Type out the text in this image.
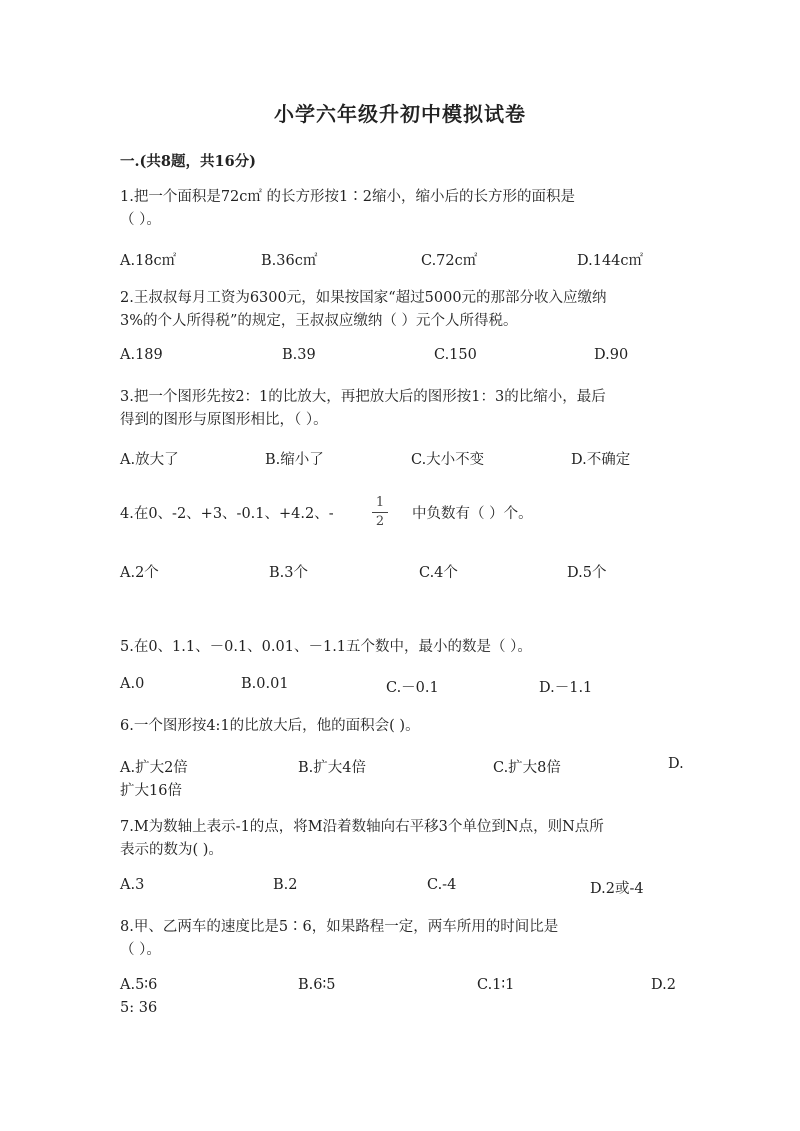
小学六年级升初中模拟试卷
一.(共8题，共16分)
1.把一个面积是72c㎡ 的长方形按1∶2缩小，缩小后的长方形的面积是
（ ）。
A.18c㎡	B.36c㎡	C.72c㎡	D.144c㎡
2.王叔叔每月工资为6300元，如果按国家“超过5000元的那部分收入应缴纳
3%的个人所得税”的规定，王叔叔应缴纳（ ）元个人所得税。
A.189	B.39	C.150	D.90
3.把一个图形先按2：1的比放大，再把放大后的图形按1：3的比缩小，最后
得到的图形与原图形相比，（ ）。
A.放大了	B.缩小了	C.大小不变	D.不确定
4.在0、-2、+3、-0.1、+4.2、-
1
2 中负数有（ ）个。
A.2个	B.3个	C.4个	D.5个
5.在0、1.1、－0.1、0.01、－1.1五个数中，最小的数是（ ）。
A.0	B.0.01	C.－0.1	D.－1.1
6.一个图形按4:1的比放大后，他的面积会( )。
A.扩大2倍	B.扩大4倍	C.扩大8倍	D.
扩大16倍
7.M为数轴上表示-1的点，将M沿着数轴向右平移3个单位到N点，则N点所
表示的数为( )。
A.3	B.2	C.-4	D.2或-4
8.甲、乙两车的速度比是5∶6，如果路程一定，两车所用的时间比是
（ ）。
A.5∶6	B.6∶5	C.1∶1	D.2
5: 36
